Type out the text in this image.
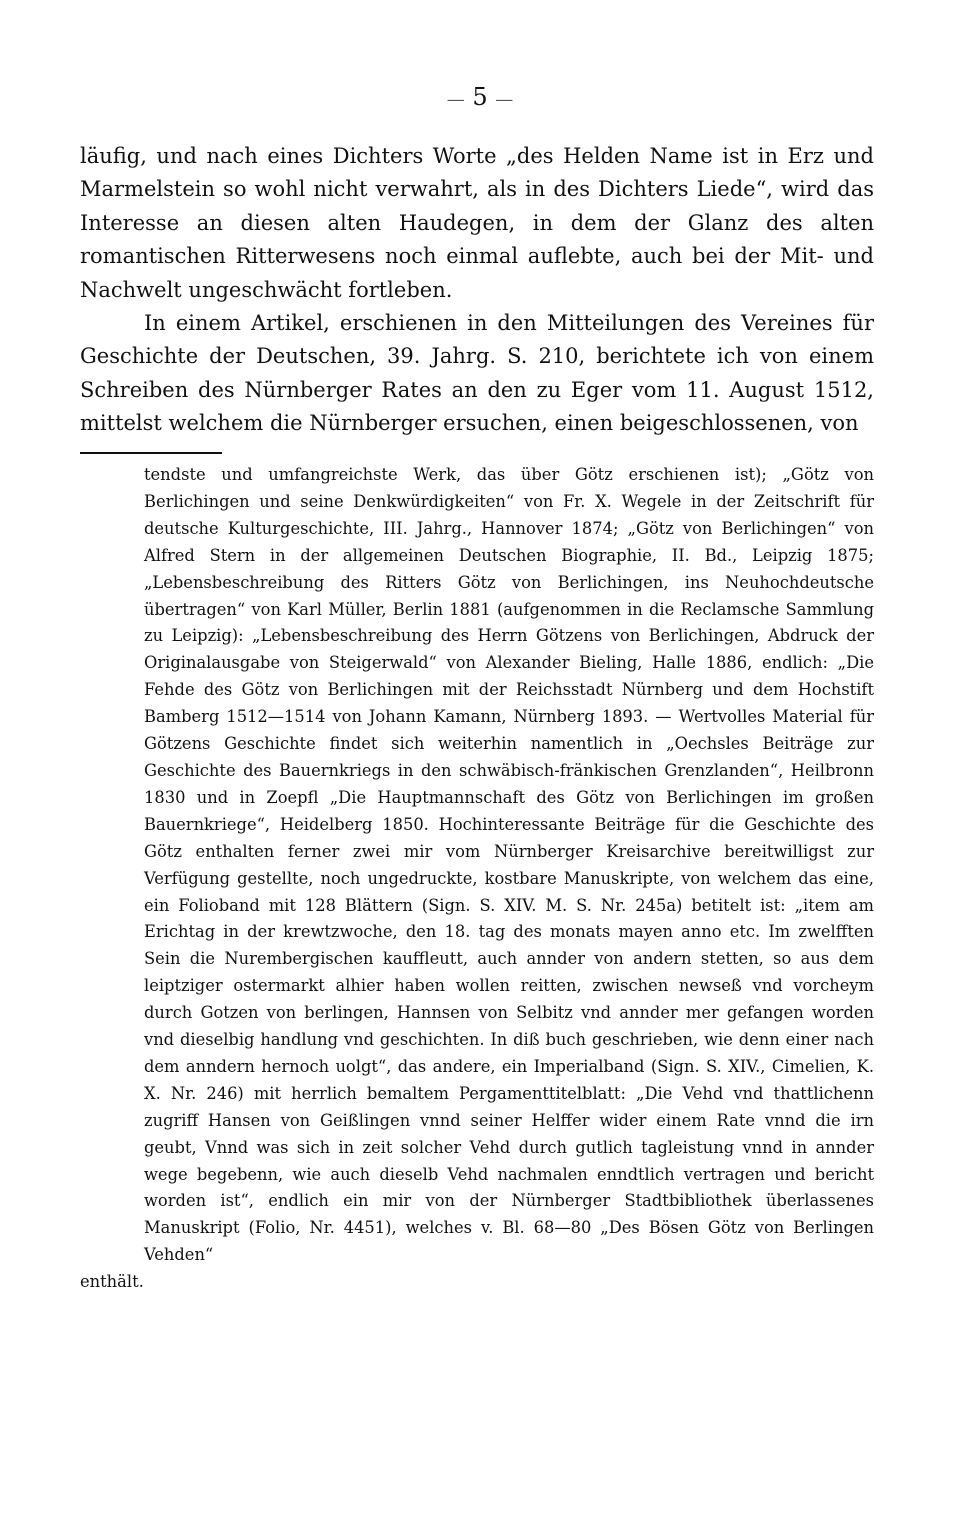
— 5 —

läufig, und nach eines Dichters Worte „des Helden Name ist in Erz und Marmelstein so wohl nicht verwahrt, als in des Dichters Liede“, wird das Interesse an diesen alten Haudegen, in dem der Glanz des alten romantischen Ritterwesens noch einmal auflebte, auch bei der Mit- und Nachwelt ungeschwächt fortleben.

In einem Artikel, erschienen in den Mitteilungen des Vereines für Geschichte der Deutschen, 39. Jahrg. S. 210, berichtete ich von einem Schreiben des Nürnberger Rates an den zu Eger vom 11. August 1512, mittelst welchem die Nürnberger ersuchen, einen beigeschlossenen, von

tendste und umfangreichste Werk, das über Götz erschienen ist); „Götz von Berlichingen und seine Denkwürdigkeiten“ von Fr. X. Wegele in der Zeitschrift für deutsche Kulturgeschichte, III. Jahrg., Hannover 1874; „Götz von Berlichingen“ von Alfred Stern in der allgemeinen Deutschen Biographie, II. Bd., Leipzig 1875; „Lebensbeschreibung des Ritters Götz von Berlichingen, ins Neuhochdeutsche übertragen“ von Karl Müller, Berlin 1881 (aufgenommen in die Reclamsche Sammlung zu Leipzig): „Lebensbeschreibung des Herrn Götzens von Berlichingen, Abdruck der Originalausgabe von Steigerwald“ von Alexander Bieling, Halle 1886, endlich: „Die Fehde des Götz von Berlichingen mit der Reichsstadt Nürnberg und dem Hochstift Bamberg 1512—1514 von Johann Kamann, Nürnberg 1893. — Wertvolles Material für Götzens Geschichte findet sich weiterhin namentlich in „Oechsles Beiträge zur Geschichte des Bauernkriegs in den schwäbisch-fränkischen Grenzlanden“, Heilbronn 1830 und in Zoepfl „Die Hauptmannschaft des Götz von Berlichingen im großen Bauernkriege“, Heidelberg 1850. Hochinteressante Beiträge für die Geschichte des Götz enthalten ferner zwei mir vom Nürnberger Kreisarchive bereitwilligst zur Verfügung gestellte, noch ungedruckte, kostbare Manuskripte, von welchem das eine, ein Folioband mit 128 Blättern (Sign. S. XIV. M. S. Nr. 245a) betitelt ist: „item am Erichtag in der krewtzwoche, den 18. tag des monats mayen anno etc. Im zwelfften Sein die Nurembergischen kauffleutt, auch annder von andern stetten, so aus dem leiptziger ostermarkt alhier haben wollen reitten, zwischen newseß vnd vorcheym durch Gotzen von berlingen, Hannsen von Selbitz vnd annder mer gefangen worden vnd dieselbig handlung vnd geschichten. In diß buch geschrieben, wie denn einer nach dem anndern hernoch uolgt“, das andere, ein Imperialband (Sign. S. XIV., Cimelien, K. X. Nr. 246) mit herrlich bemaltem Pergamenttitelblatt: „Die Vehd vnd thattlichenn zugriff Hansen von Geißlingen vnnd seiner Helffer wider einem Rate vnnd die irn geubt, Vnnd was sich in zeit solcher Vehd durch gutlich tagleistung vnnd in annder wege begebenn, wie auch dieselb Vehd nachmalen enndtlich vertragen und bericht worden ist“, endlich ein mir von der Nürnberger Stadtbibliothek überlassenes Manuskript (Folio, Nr. 4451), welches v. Bl. 68—80 „Des Bösen Götz von Berlingen Vehden“

enthält.
